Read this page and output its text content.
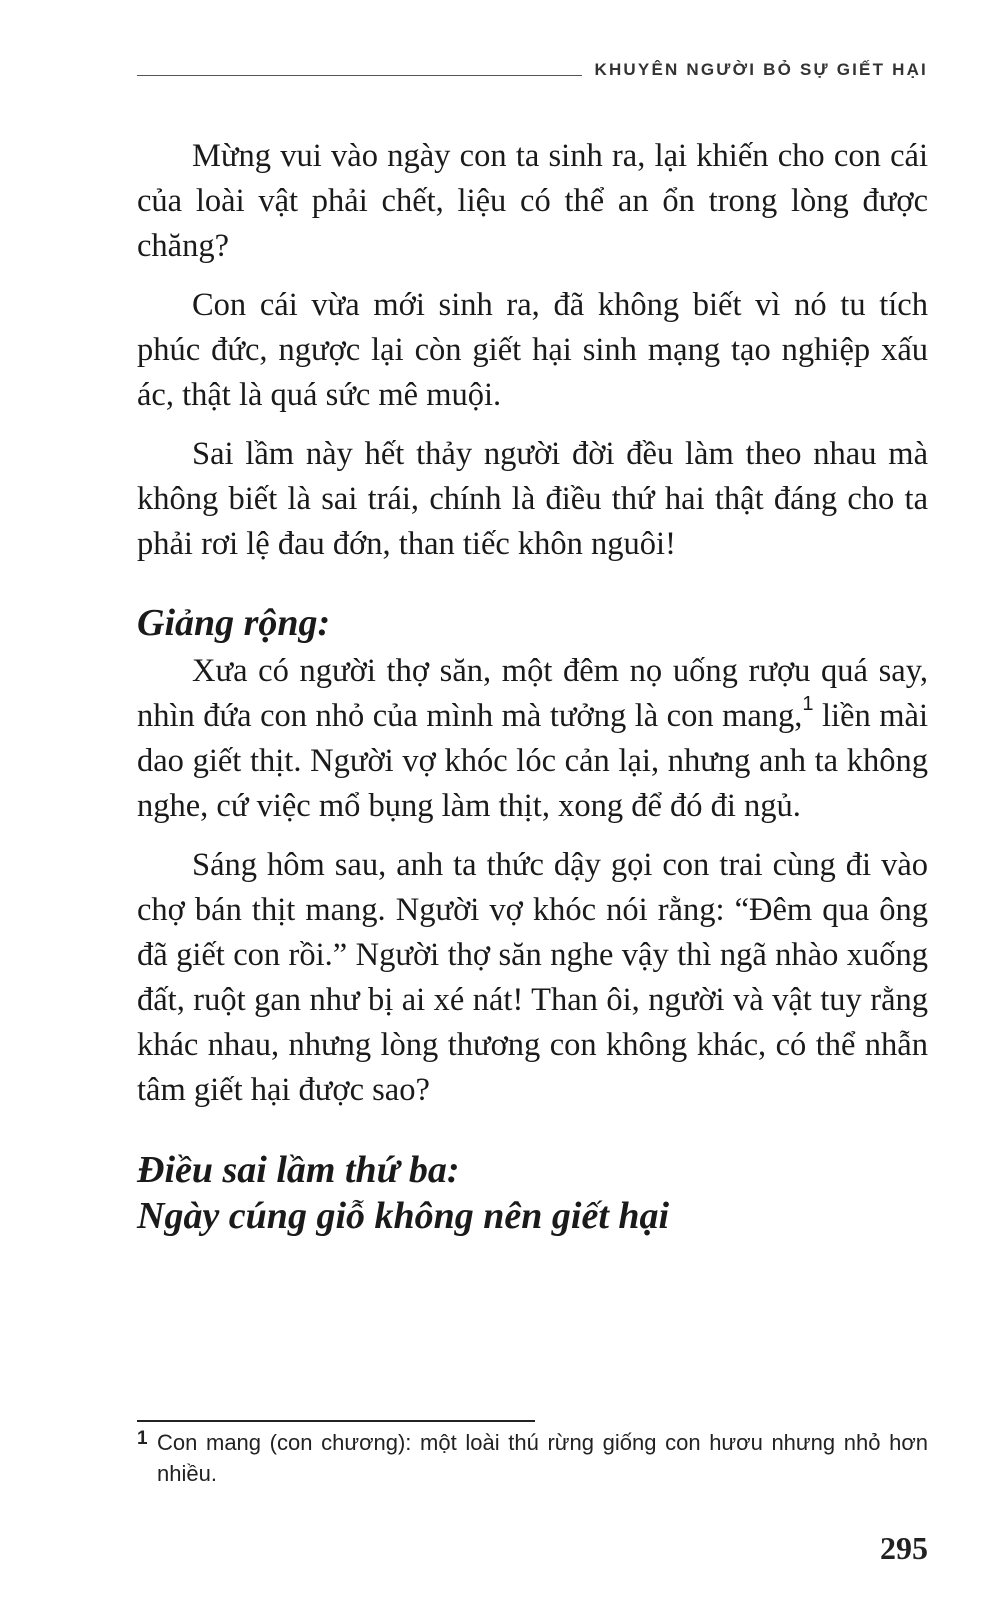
KHUYÊN NGƯỜI BỎ SỰ GIẾT HẠI

Mừng vui vào ngày con ta sinh ra, lại khiến cho con cái của loài vật phải chết, liệu có thể an ổn trong lòng được chăng?

Con cái vừa mới sinh ra, đã không biết vì nó tu tích phúc đức, ngược lại còn giết hại sinh mạng tạo nghiệp xấu ác, thật là quá sức mê muội.

Sai lầm này hết thảy người đời đều làm theo nhau mà không biết là sai trái, chính là điều thứ hai thật đáng cho ta phải rơi lệ đau đớn, than tiếc khôn nguôi!

Giảng rộng:

Xưa có người thợ săn, một đêm nọ uống rượu quá say, nhìn đứa con nhỏ của mình mà tưởng là con mang,$^1$ liền mài dao giết thịt. Người vợ khóc lóc cản lại, nhưng anh ta không nghe, cứ việc mổ bụng làm thịt, xong để đó đi ngủ.

Sáng hôm sau, anh ta thức dậy gọi con trai cùng đi vào chợ bán thịt mang. Người vợ khóc nói rằng: “Đêm qua ông đã giết con rồi.” Người thợ săn nghe vậy thì ngã nhào xuống đất, ruột gan như bị ai xé nát! Than ôi, người và vật tuy rằng khác nhau, nhưng lòng thương con không khác, có thể nhẫn tâm giết hại được sao?

Điều sai lầm thứ ba:
Ngày cúng giỗ không nên giết hại
1 Con mang (con chương): một loài thú rừng giống con hươu nhưng nhỏ hơn nhiều.
295
